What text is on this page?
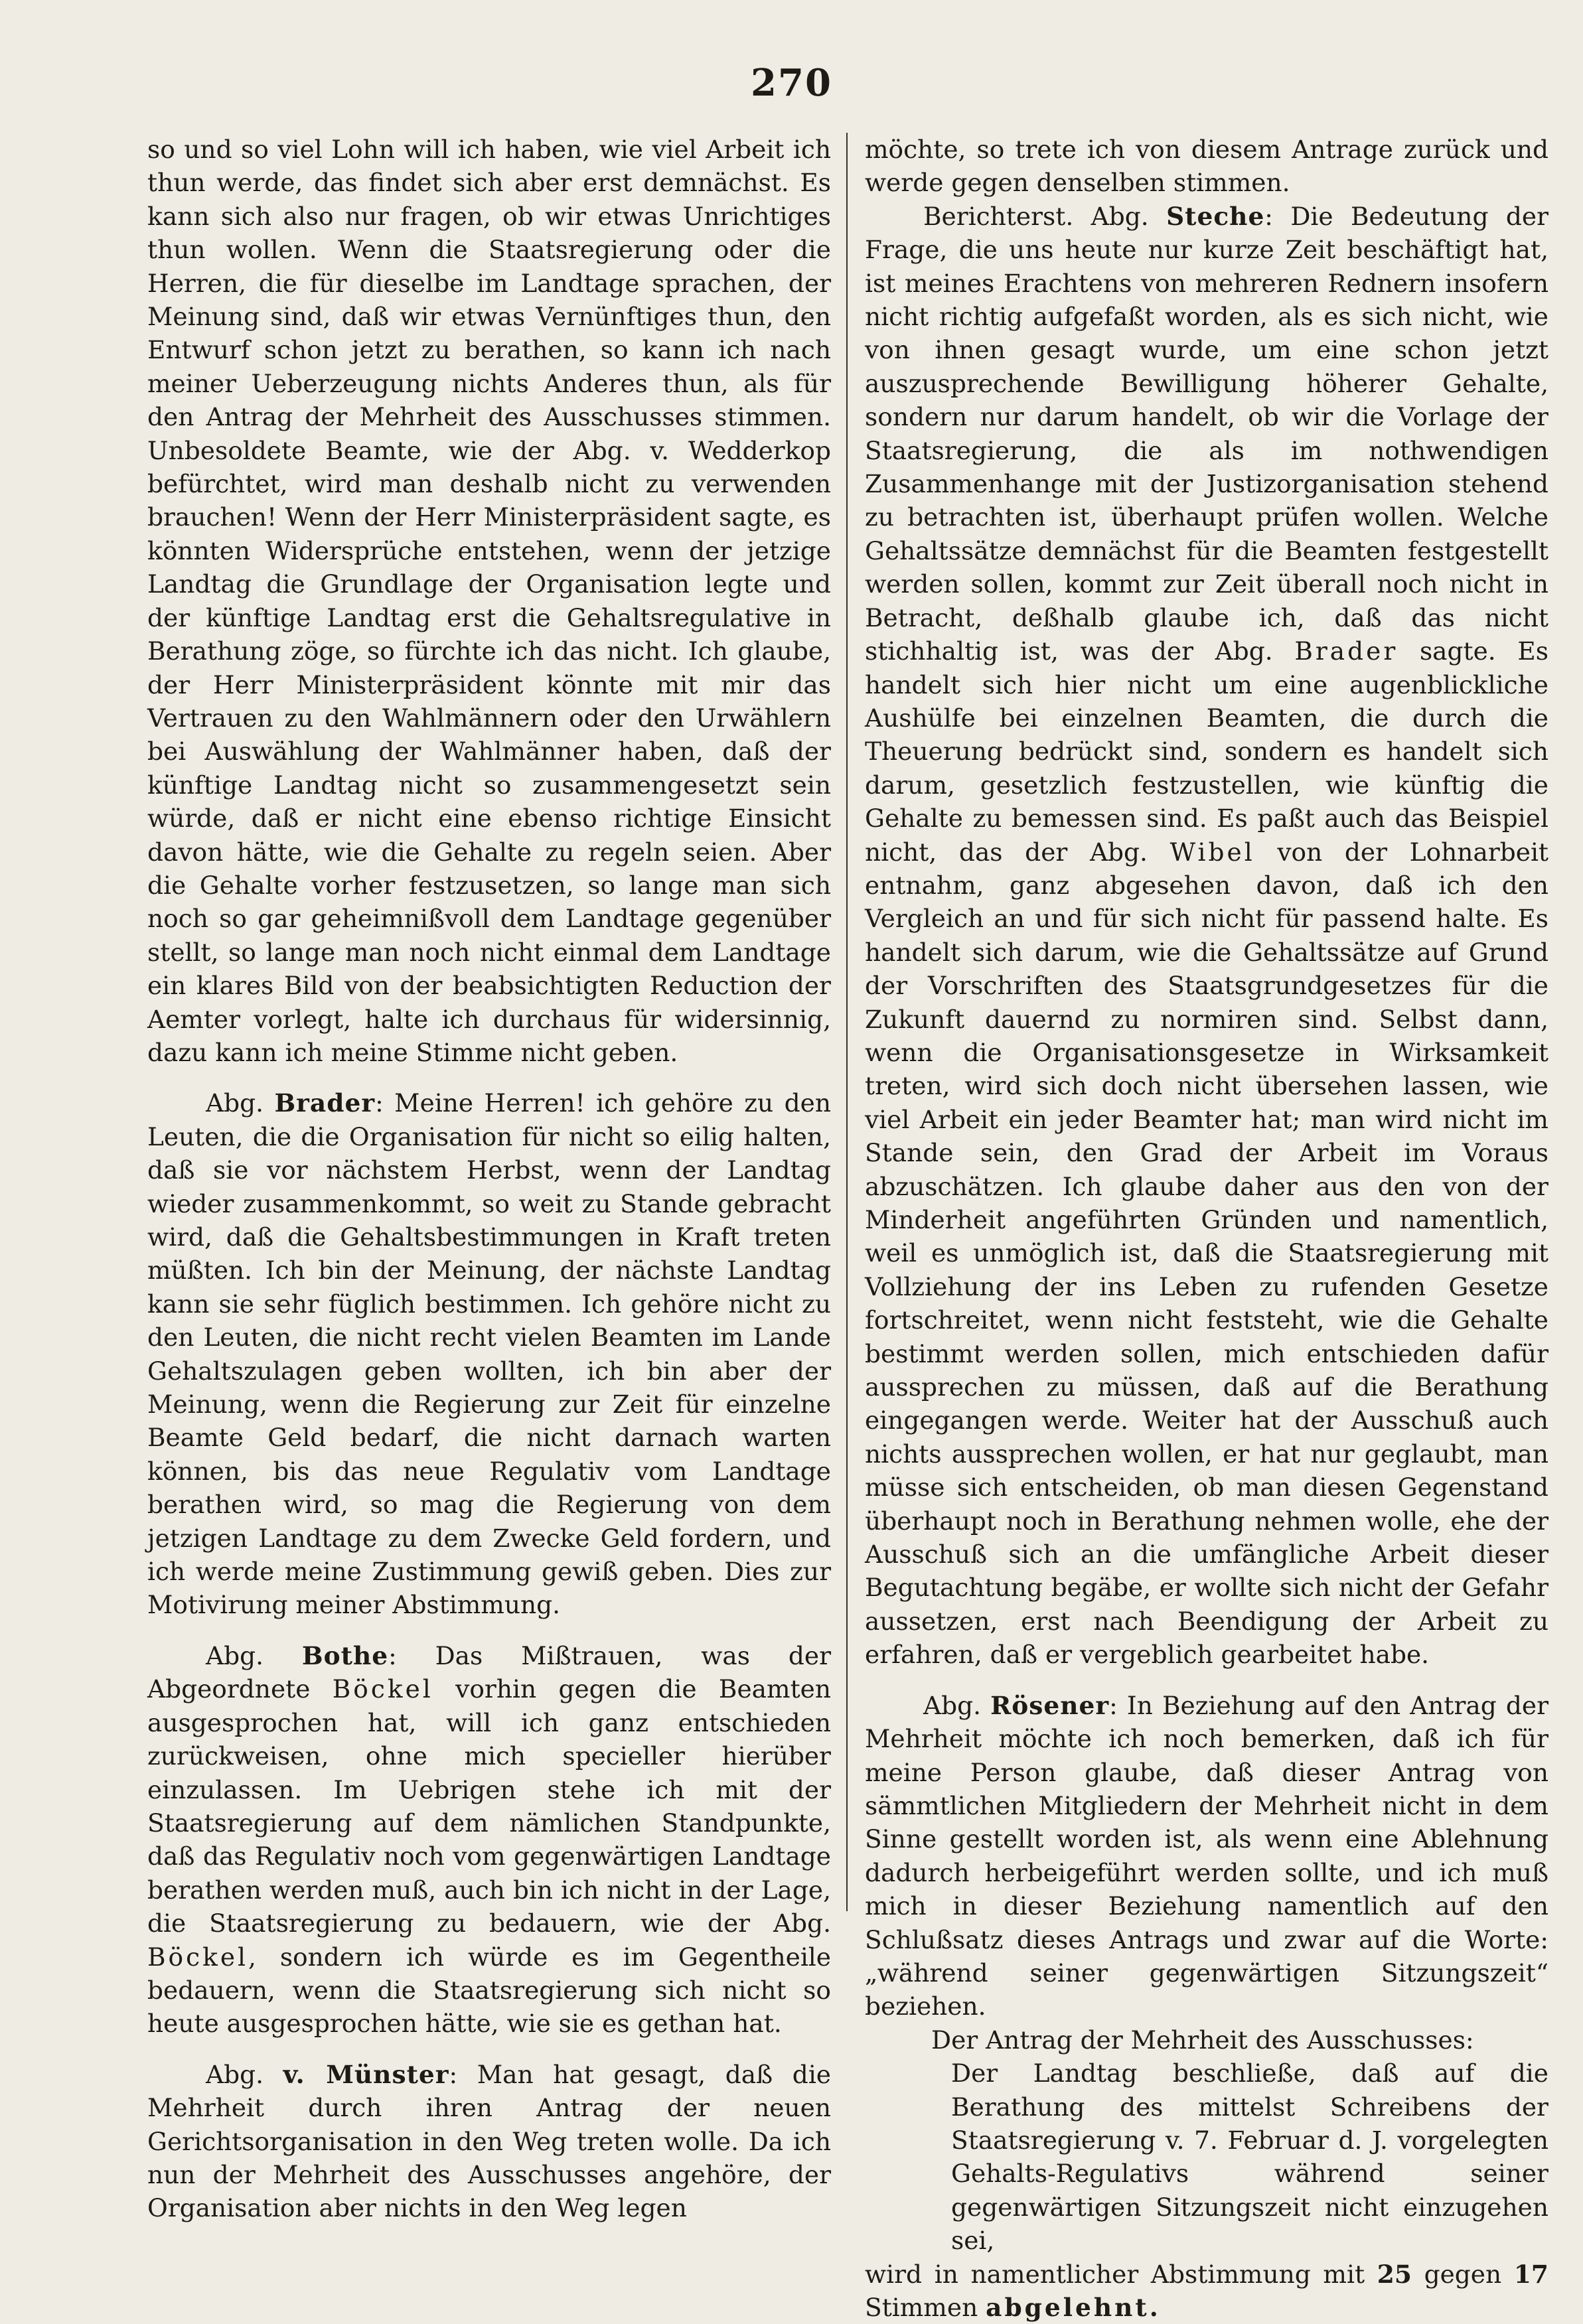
270

so und so viel Lohn will ich haben, wie viel Arbeit ich thun werde, das findet sich aber erst demnächst. Es kann sich also nur fragen, ob wir etwas Unrichtiges thun wollen. Wenn die Staatsregierung oder die Herren, die für dieselbe im Landtage sprachen, der Meinung sind, daß wir etwas Vernünftiges thun, den Entwurf schon jetzt zu berathen, so kann ich nach meiner Ueberzeugung nichts Anderes thun, als für den Antrag der Mehrheit des Ausschusses stimmen. Unbesoldete Beamte, wie der Abg. v. Wedderkop befürchtet, wird man deshalb nicht zu verwenden brauchen! Wenn der Herr Ministerpräsident sagte, es könnten Widersprüche entstehen, wenn der jetzige Landtag die Grundlage der Organisation legte und der künftige Landtag erst die Gehaltsregulative in Berathung zöge, so fürchte ich das nicht. Ich glaube, der Herr Ministerpräsident könnte mit mir das Vertrauen zu den Wahlmännern oder den Urwählern bei Auswählung der Wahlmänner haben, daß der künftige Landtag nicht so zusammengesetzt sein würde, daß er nicht eine ebenso richtige Einsicht davon hätte, wie die Gehalte zu regeln seien. Aber die Gehalte vorher festzusetzen, so lange man sich noch so gar geheimnißvoll dem Landtage gegenüber stellt, so lange man noch nicht einmal dem Landtage ein klares Bild von der beabsichtigten Reduction der Aemter vorlegt, halte ich durchaus für widersinnig, dazu kann ich meine Stimme nicht geben.

Abg. Brader: Meine Herren! ich gehöre zu den Leuten, die die Organisation für nicht so eilig halten, daß sie vor nächstem Herbst, wenn der Landtag wieder zusammenkommt, so weit zu Stande gebracht wird, daß die Gehaltsbestimmungen in Kraft treten müßten. Ich bin der Meinung, der nächste Landtag kann sie sehr füglich bestimmen. Ich gehöre nicht zu den Leuten, die nicht recht vielen Beamten im Lande Gehaltszulagen geben wollten, ich bin aber der Meinung, wenn die Regierung zur Zeit für einzelne Beamte Geld bedarf, die nicht darnach warten können, bis das neue Regulativ vom Landtage berathen wird, so mag die Regierung von dem jetzigen Landtage zu dem Zwecke Geld fordern, und ich werde meine Zustimmung gewiß geben. Dies zur Motivirung meiner Abstimmung.

Abg. Bothe: Das Mißtrauen, was der Abgeordnete Böckel vorhin gegen die Beamten ausgesprochen hat, will ich ganz entschieden zurückweisen, ohne mich specieller hierüber einzulassen. Im Uebrigen stehe ich mit der Staatsregierung auf dem nämlichen Standpunkte, daß das Regulativ noch vom gegenwärtigen Landtage berathen werden muß, auch bin ich nicht in der Lage, die Staatsregierung zu bedauern, wie der Abg. Böckel, sondern ich würde es im Gegentheile bedauern, wenn die Staatsregierung sich nicht so heute ausgesprochen hätte, wie sie es gethan hat.

Abg. v. Münster: Man hat gesagt, daß die Mehrheit durch ihren Antrag der neuen Gerichtsorganisation in den Weg treten wolle. Da ich nun der Mehrheit des Ausschusses angehöre, der Organisation aber nichts in den Weg legen

möchte, so trete ich von diesem Antrage zurück und werde gegen denselben stimmen.

Berichterst. Abg. Steche: Die Bedeutung der Frage, die uns heute nur kurze Zeit beschäftigt hat, ist meines Erachtens von mehreren Rednern insofern nicht richtig aufgefaßt worden, als es sich nicht, wie von ihnen gesagt wurde, um eine schon jetzt auszusprechende Bewilligung höherer Gehalte, sondern nur darum handelt, ob wir die Vorlage der Staatsregierung, die als im nothwendigen Zusammenhange mit der Justizorganisation stehend zu betrachten ist, überhaupt prüfen wollen. Welche Gehaltssätze demnächst für die Beamten festgestellt werden sollen, kommt zur Zeit überall noch nicht in Betracht, deßhalb glaube ich, daß das nicht stichhaltig ist, was der Abg. Brader sagte. Es handelt sich hier nicht um eine augenblickliche Aushülfe bei einzelnen Beamten, die durch die Theuerung bedrückt sind, sondern es handelt sich darum, gesetzlich festzustellen, wie künftig die Gehalte zu bemessen sind. Es paßt auch das Beispiel nicht, das der Abg. Wibel von der Lohnarbeit entnahm, ganz abgesehen davon, daß ich den Vergleich an und für sich nicht für passend halte. Es handelt sich darum, wie die Gehaltssätze auf Grund der Vorschriften des Staatsgrundgesetzes für die Zukunft dauernd zu normiren sind. Selbst dann, wenn die Organisationsgesetze in Wirksamkeit treten, wird sich doch nicht übersehen lassen, wie viel Arbeit ein jeder Beamter hat; man wird nicht im Stande sein, den Grad der Arbeit im Voraus abzuschätzen. Ich glaube daher aus den von der Minderheit angeführten Gründen und namentlich, weil es unmöglich ist, daß die Staatsregierung mit Vollziehung der ins Leben zu rufenden Gesetze fortschreitet, wenn nicht feststeht, wie die Gehalte bestimmt werden sollen, mich entschieden dafür aussprechen zu müssen, daß auf die Berathung eingegangen werde. Weiter hat der Ausschuß auch nichts aussprechen wollen, er hat nur geglaubt, man müsse sich entscheiden, ob man diesen Gegenstand überhaupt noch in Berathung nehmen wolle, ehe der Ausschuß sich an die umfängliche Arbeit dieser Begutachtung begäbe, er wollte sich nicht der Gefahr aussetzen, erst nach Beendigung der Arbeit zu erfahren, daß er vergeblich gearbeitet habe.

Abg. Rösener: In Beziehung auf den Antrag der Mehrheit möchte ich noch bemerken, daß ich für meine Person glaube, daß dieser Antrag von sämmtlichen Mitgliedern der Mehrheit nicht in dem Sinne gestellt worden ist, als wenn eine Ablehnung dadurch herbeigeführt werden sollte, und ich muß mich in dieser Beziehung namentlich auf den Schlußsatz dieses Antrags und zwar auf die Worte: „während seiner gegenwärtigen Sitzungszeit“ beziehen.

Der Antrag der Mehrheit des Ausschusses:

Der Landtag beschließe, daß auf die Berathung des mittelst Schreibens der Staatsregierung v. 7. Februar d. J. vorgelegten Gehalts-Regulativs während seiner gegenwärtigen Sitzungszeit nicht einzugehen sei,

wird in namentlicher Abstimmung mit 25 gegen 17 Stimmen abgelehnt.
